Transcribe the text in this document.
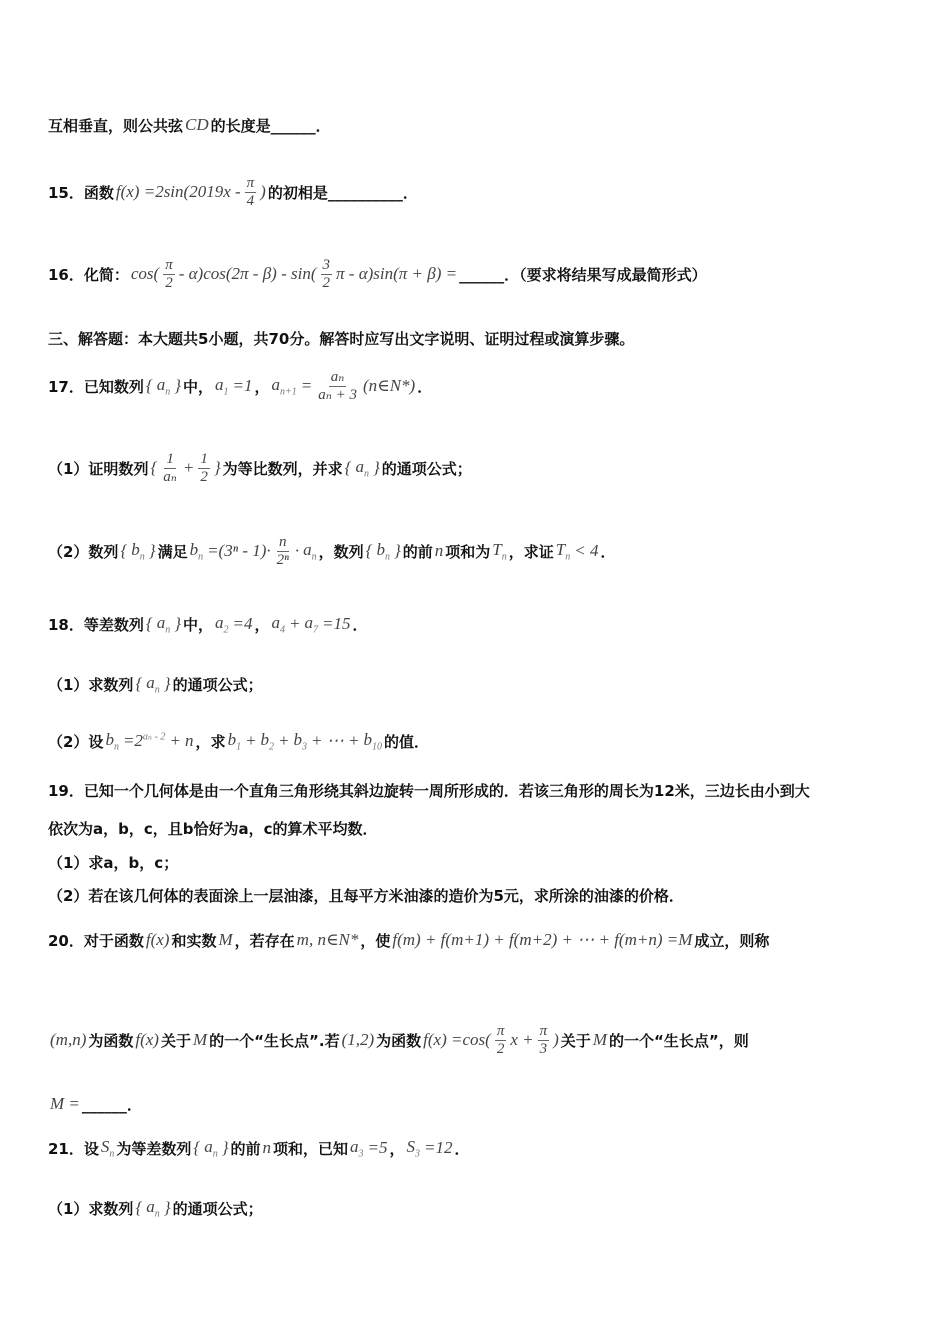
互相垂直，则公共弦 CD 的长度是______．
15．函数 $f(x) =2\sin(2019x - \frac{\pi}{4}$ ) 的初相是__________．
16．化简： $\cos( \frac{\pi}{2} - \alpha)\cos(2\pi - \beta) - \sin( \frac{3}{2}$ π - α)sin(π + β) = ______．（要求将结果写成最简形式）
三、解答题：本大题共5小题，共70分。解答时应写出文字说明、证明过程或演算步骤。
17．已知数列 { $a_n$ } 中， $a_1 =1$ ， $a_{n+1} = \frac{\text{aₙ}}{\text{aₙ + 3}}$ (n∈N*) ．
（1）证明数列 { $\frac{1}{\text{aₙ}} + \frac{1}{2}$ } 为等比数列，并求 { $a_n$ } 的通项公式；
（2）数列 { $b_n$ } 满足 $b_n =(3^n - 1)\cdot \frac{n}{\text{2ⁿ}} \cdot a_n$ ，数列 { $b_n$ } 的前 n 项和为 $T_n$ ，求证 $T_n < 4$ ．
18．等差数列 { $a_n$ } 中， $a_2 =4$ ， $a_4 + a_7 =15$ ．
（1）求数列 { $a_n$ } 的通项公式；
（2）设 $b_n =2^{a_n - 2} + n$ ，求 $b_1 + b_2 + b_3$ + ⋯ + $b_{10}$ 的值．
19．已知一个几何体是由一个直角三角形绕其斜边旋转一周所形成的．若该三角形的周长为12米，三边长由小到大
依次为a，b，c，且b恰好为a，c的算术平均数．
（1）求a，b，c；
（2）若在该几何体的表面涂上一层油漆，且每平方米油漆的造价为5元，求所涂的油漆的价格．
20．对于函数 f(x) 和实数 M ，若存在 m, n∈N* ，使 f(m) + f(m+1) + f(m+2) + ⋯ + f(m+n) =M 成立，则称
(m,n) 为函数 f(x) 关于 M 的一个“生长点”.若 (1,2) 为函数 $f(x) =\cos( \frac{\pi}{2}$ $x + \frac{\pi}{3}$ ) 关于 M 的一个“生长点”，则
M = ______．
21．设 $S_n$ 为等差数列 { $a_n$ } 的前 n 项和，已知 $a_3 =5$ ， $S_3 =12$ ．
（1）求数列 { $a_n$ } 的通项公式；
